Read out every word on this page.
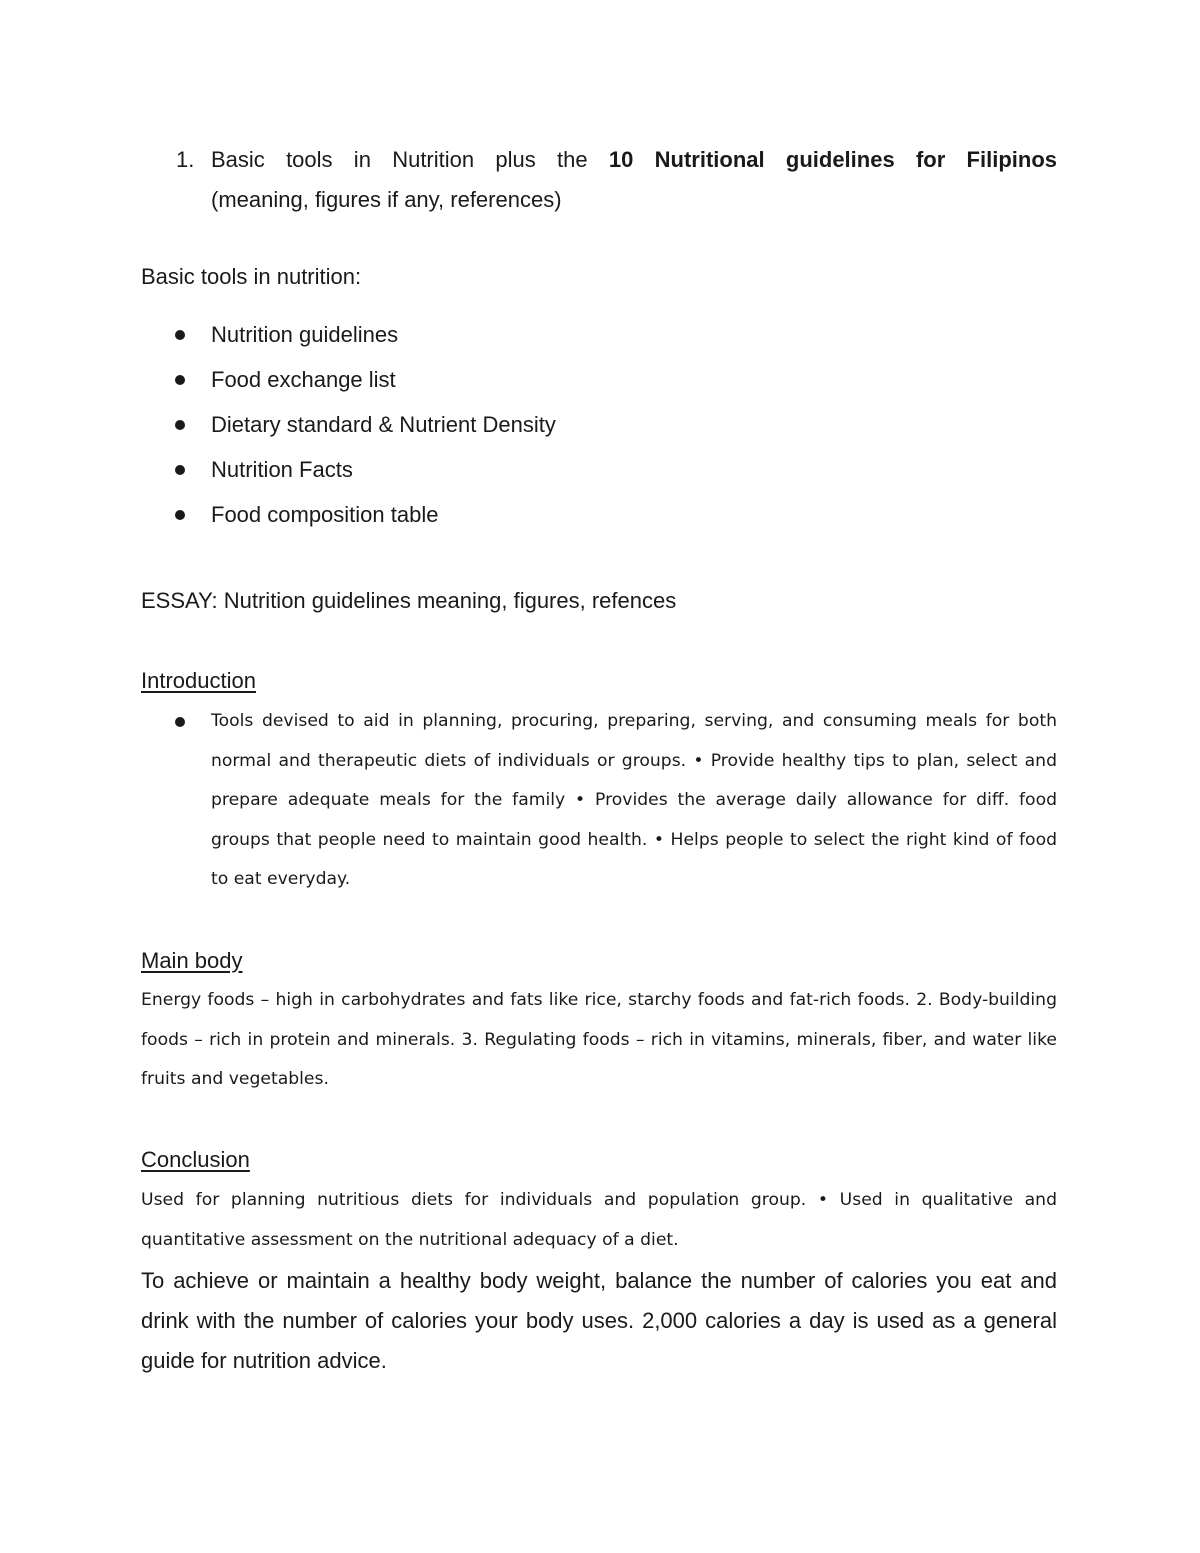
1. Basic tools in Nutrition plus the 10 Nutritional guidelines for Filipinos
(meaning, figures if any, references)
Basic tools in nutrition:
Nutrition guidelines
Food exchange list
Dietary standard & Nutrient Density
Nutrition Facts
Food composition table
ESSAY: Nutrition guidelines meaning, figures, refences
Introduction
Tools devised to aid in planning, procuring, preparing, serving, and consuming meals for both normal and therapeutic diets of individuals or groups. • Provide healthy tips to plan, select and prepare adequate meals for the family • Provides the average daily allowance for diff. food groups that people need to maintain good health. • Helps people to select the right kind of food to eat everyday.
Main body
Energy foods – high in carbohydrates and fats like rice, starchy foods and fat-rich foods. 2. Body-building foods – rich in protein and minerals. 3. Regulating foods – rich in vitamins, minerals, fiber, and water like fruits and vegetables.
Conclusion
Used for planning nutritious diets for individuals and population group. • Used in qualitative and quantitative assessment on the nutritional adequacy of a diet.
To achieve or maintain a healthy body weight, balance the number of calories you eat and drink with the number of calories your body uses. 2,000 calories a day is used as a general guide for nutrition advice.
